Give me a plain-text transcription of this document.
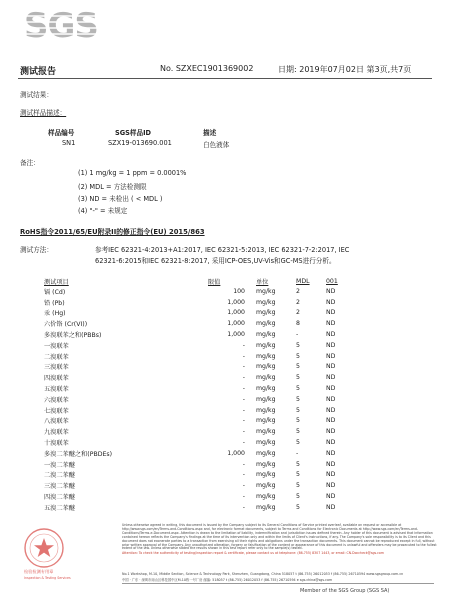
SGS
测试报告	No. SZXEC1901369002	日期: 2019年07月02日 第3页,共7页
测试结果：
测试样品描述：
样品编号	SGS样品ID	描述
SN1	SZX19-013690.001	白色液体
备注：
(1) 1 mg/kg = 1 ppm = 0.0001%
(2) MDL = 方法检测限
(3) ND = 未检出 ( < MDL )
(4) "-" = 未规定
RoHS指令2011/65/EU附录II的修正指令(EU) 2015/863
测试方法：	参考IEC 62321-4:2013+A1:2017, IEC 62321-5:2013, IEC 62321-7-2:2017, IEC
62321-6:2015和IEC 62321-8:2017, 采用ICP-OES,UV-Vis和GC-MS进行分析。
测试项目	限值	单位	MDL	001
镉 (Cd)	100	mg/kg	2	ND
铅 (Pb)	1,000	mg/kg	2	ND
汞 (Hg)	1,000	mg/kg	2	ND
六价铬 (Cr(VI))	1,000	mg/kg	8	ND
多溴联苯之和(PBBs)	1,000	mg/kg	-	ND
一溴联苯	-	mg/kg	5	ND
二溴联苯	-	mg/kg	5	ND
三溴联苯	-	mg/kg	5	ND
四溴联苯	-	mg/kg	5	ND
五溴联苯	-	mg/kg	5	ND
六溴联苯	-	mg/kg	5	ND
七溴联苯	-	mg/kg	5	ND
八溴联苯	-	mg/kg	5	ND
九溴联苯	-	mg/kg	5	ND
十溴联苯	-	mg/kg	5	ND
多溴二苯醚之和(PBDEs)	1,000	mg/kg	-	ND
一溴二苯醚	-	mg/kg	5	ND
二溴二苯醚	-	mg/kg	5	ND
三溴二苯醚	-	mg/kg	5	ND
四溴二苯醚	-	mg/kg	5	ND
五溴二苯醚	-	mg/kg	5	ND
检验检测专用章
Inspection & Testing Services
Unless otherwise agreed in writing, this document is issued by the Company subject to its General Conditions of Service printed overleaf, available on request or accessible at http://www.sgs.com/en/Terms-and-Conditions.aspx and, for electronic format documents, subject to Terms and Conditions for Electronic Documents at http://www.sgs.com/en/Terms-and-Conditions/Terms-e-Document.aspx. Attention is drawn to the limitation of liability, indemnification and jurisdiction issues defined therein. Any holder of this document is advised that information contained hereon reflects the Company's findings at the time of its intervention only and within the limits of Client's instructions, if any. The Company's sole responsibility is to its Client and this document does not exonerate parties to a transaction from exercising all their rights and obligations under the transaction documents. This document cannot be reproduced except in full, without prior written approval of the Company. Any unauthorized alteration, forgery or falsification of the content or appearance of this document is unlawful and offenders may be prosecuted to the fullest extent of the law. Unless otherwise stated the results shown in this test report refer only to the sample(s) tested.
Attention: To check the authenticity of testing/inspection report & certificate, please contact us at telephone: (86-755) 8307 1443, or email: CN.Doccheck@sgs.com
No.1 Workshop, M-10, Middle Section, Science & Technology Park, Shenzhen, Guangdong, China 518057 t (86-755) 26012053 f (86-755) 26710594 www.sgsgroup.com.cn
中国 · 广东 · 深圳市南山区科技园中区M-10栋一号厂房 邮编: 518057 t (86-755) 26012053 f (86-755) 26710594 e sgs.china@sgs.com
Member of the SGS Group (SGS SA)
